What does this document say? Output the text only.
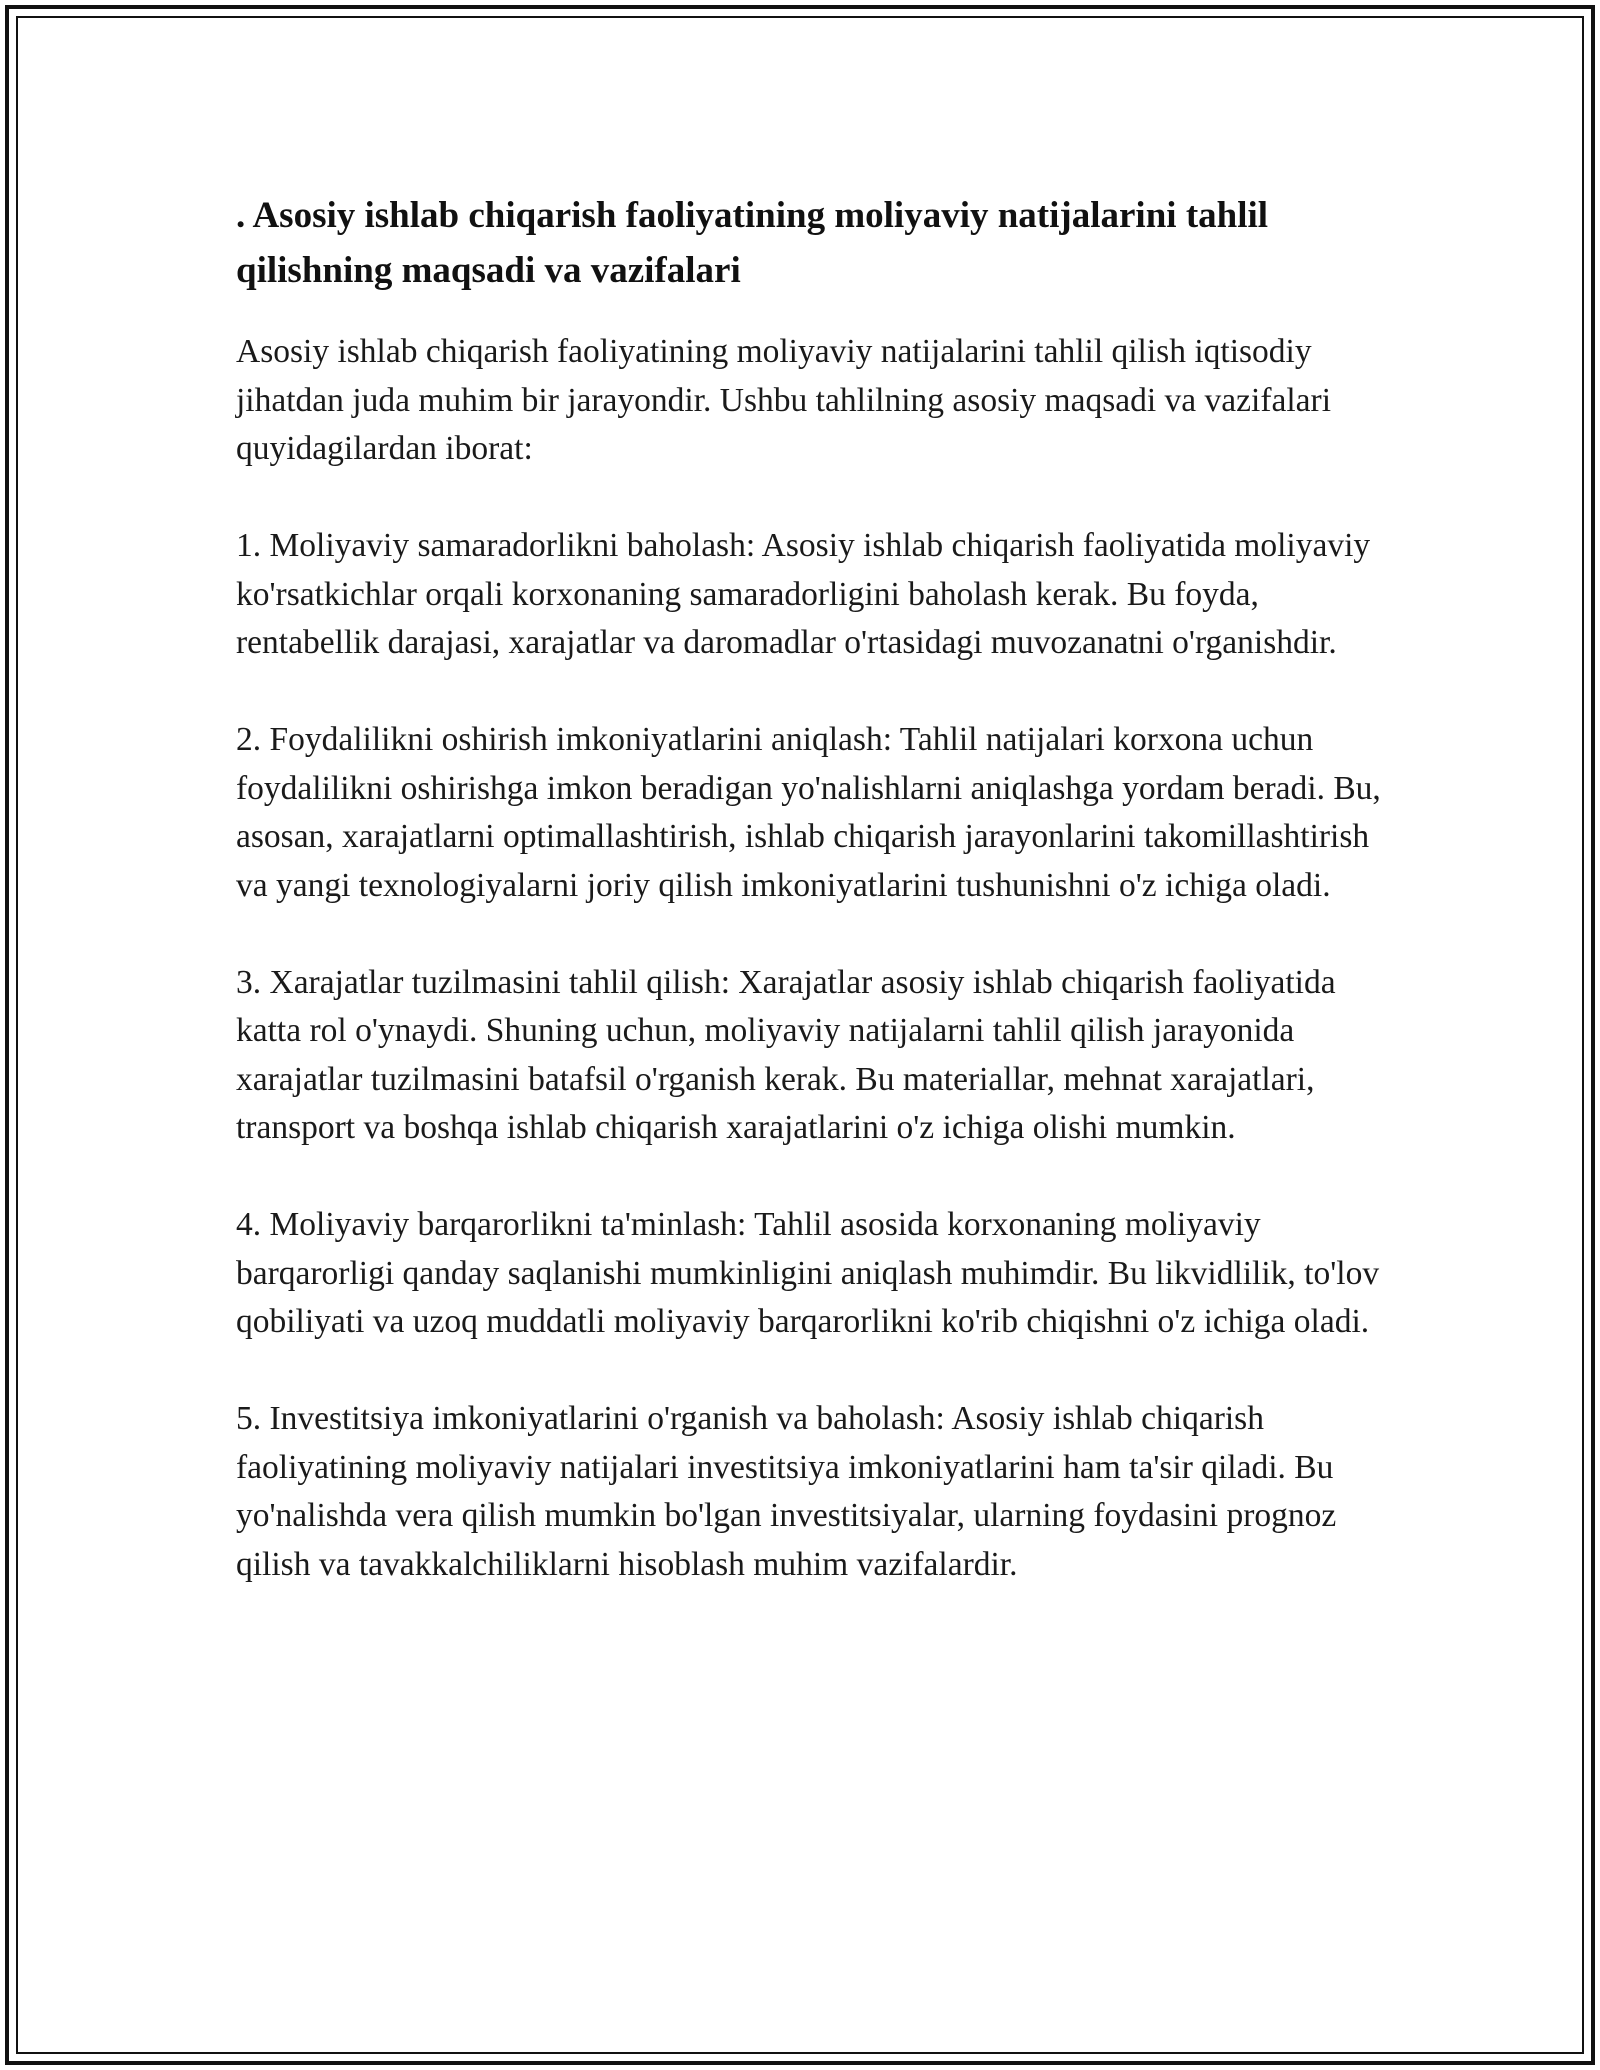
. Asosiy ishlab chiqarish faoliyatining moliyaviy natijalarini tahlil qilishning maqsadi va vazifalari

Asosiy ishlab chiqarish faoliyatining moliyaviy natijalarini tahlil qilish iqtisodiy jihatdan juda muhim bir jarayondir. Ushbu tahlilning asosiy maqsadi va vazifalari quyidagilardan iborat:

1. Moliyaviy samaradorlikni baholash: Asosiy ishlab chiqarish faoliyatida moliyaviy ko'rsatkichlar orqali korxonaning samaradorligini baholash kerak. Bu foyda, rentabellik darajasi, xarajatlar va daromadlar o'rtasidagi muvozanatni o'rganishdir.

2. Foydalilikni oshirish imkoniyatlarini aniqlash: Tahlil natijalari korxona uchun foydalilikni oshirishga imkon beradigan yo'nalishlarni aniqlashga yordam beradi. Bu, asosan, xarajatlarni optimallashtirish, ishlab chiqarish jarayonlarini takomillashtirish va yangi texnologiyalarni joriy qilish imkoniyatlarini tushunishni o'z ichiga oladi.

3. Xarajatlar tuzilmasini tahlil qilish: Xarajatlar asosiy ishlab chiqarish faoliyatida katta rol o'ynaydi. Shuning uchun, moliyaviy natijalarni tahlil qilish jarayonida xarajatlar tuzilmasini batafsil o'rganish kerak. Bu materiallar, mehnat xarajatlari, transport va boshqa ishlab chiqarish xarajatlarini o'z ichiga olishi mumkin.

4. Moliyaviy barqarorlikni ta'minlash: Tahlil asosida korxonaning moliyaviy barqarorligi qanday saqlanishi mumkinligini aniqlash muhimdir. Bu likvidlilik, to'lov qobiliyati va uzoq muddatli moliyaviy barqarorlikni ko'rib chiqishni o'z ichiga oladi.

5. Investitsiya imkoniyatlarini o'rganish va baholash: Asosiy ishlab chiqarish faoliyatining moliyaviy natijalari investitsiya imkoniyatlarini ham ta'sir qiladi. Bu yo'nalishda vera qilish mumkin bo'lgan investitsiyalar, ularning foydasini prognoz qilish va tavakkalchiliklarni hisoblash muhim vazifalardir.
